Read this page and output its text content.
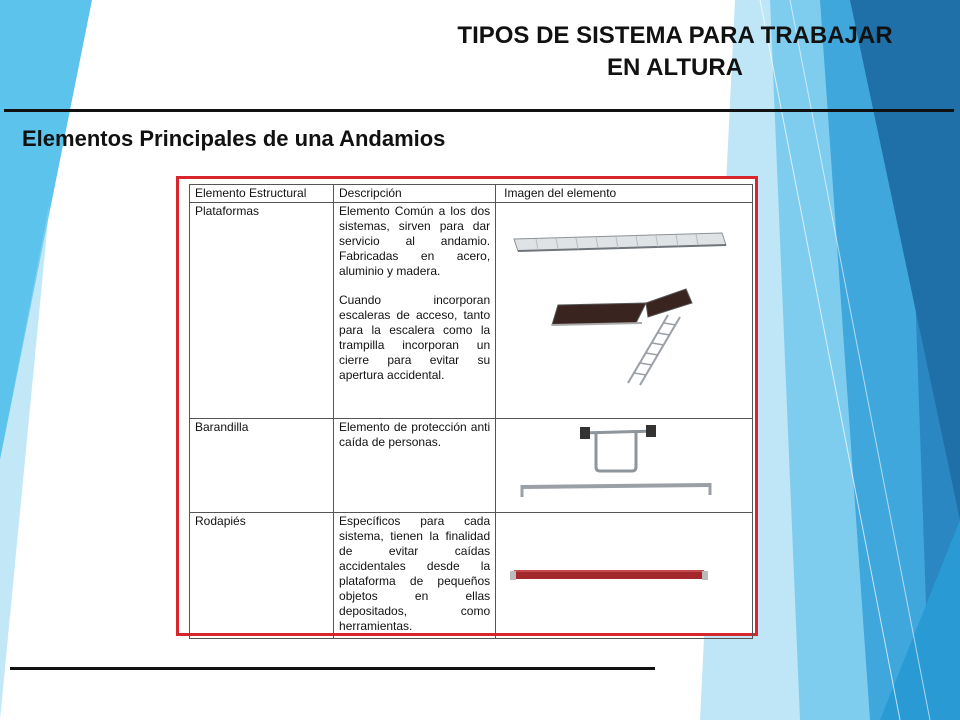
TIPOS DE SISTEMA PARA TRABAJAR
EN ALTURA
Elementos Principales de una Andamios
Elemento Estructural	Descripción	Imagen del elemento
Plataformas	Elemento Común a los dos sistemas, sirven para dar servicio al andamio. Fabricadas en acero, aluminio y madera.

Cuando incorporan escaleras de acceso, tanto para la escalera como la trampilla incorporan un cierre para evitar su apertura accidental.

Barandilla	Elemento de protección anti caída de personas.

Rodapiés	Específicos para cada sistema, tienen la finalidad de evitar caídas accidentales desde la plataforma de pequeños objetos en ellas depositados, como herramientas.
